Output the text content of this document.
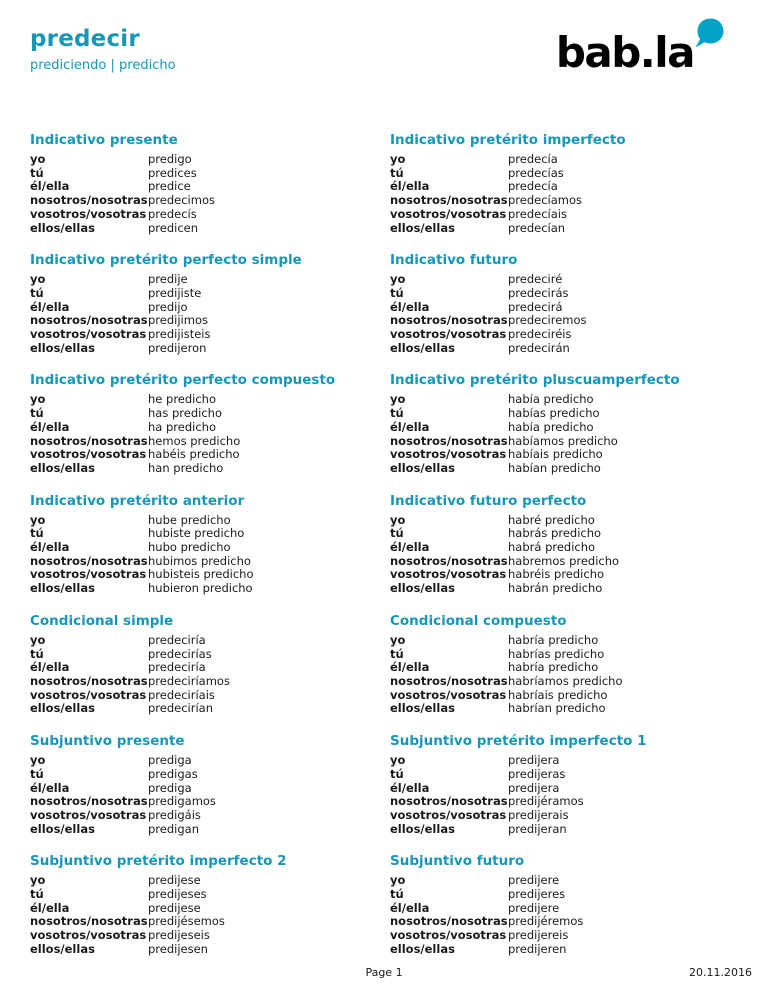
predecir
prediciendo | predicho	bab.la
Indicativo presente
yo	predigo
tú	predices
él/ella	predice
nosotros/nosotras predecimos
vosotros/vosotras predecís
ellos/ellas	predicen
Indicativo pretérito perfecto simple
yo	predije
tú	predijiste
él/ella	predijo
nosotros/nosotras predijimos
vosotros/vosotras predijisteis
ellos/ellas	predijeron
Indicativo pretérito perfecto compuesto
yo	he predicho
tú	has predicho
él/ella	ha predicho
nosotros/nosotras hemos predicho
vosotros/vosotras habéis predicho
ellos/ellas	han predicho
Indicativo pretérito anterior
yo	hube predicho
tú	hubiste predicho
él/ella	hubo predicho
nosotros/nosotras hubimos predicho
vosotros/vosotras hubisteis predicho
ellos/ellas	hubieron predicho
Condicional simple
yo	predeciría
tú	predecirías
él/ella	predeciría
nosotros/nosotras predeciríamos
vosotros/vosotras predeciríais
ellos/ellas	predecirían
Subjuntivo presente
yo	prediga
tú	predigas
él/ella	prediga
nosotros/nosotras predigamos
vosotros/vosotras predigáis
ellos/ellas	predigan
Subjuntivo pretérito imperfecto 2
yo	predijese
tú	predijeses
él/ella	predijese
nosotros/nosotras predijésemos
vosotros/vosotras predijeseis
ellos/ellas	predijesen
Indicativo pretérito imperfecto
yo	predecía
tú	predecías
él/ella	predecía
nosotros/nosotras predecíamos
vosotros/vosotras predecíais
ellos/ellas	predecían
Indicativo futuro
yo	predeciré
tú	predecirás
él/ella	predecirá
nosotros/nosotras predeciremos
vosotros/vosotras predeciréis
ellos/ellas	predecirán
Indicativo pretérito pluscuamperfecto
yo	había predicho
tú	habías predicho
él/ella	había predicho
nosotros/nosotras habíamos predicho
vosotros/vosotras habíais predicho
ellos/ellas	habían predicho
Indicativo futuro perfecto
yo	habré predicho
tú	habrás predicho
él/ella	habrá predicho
nosotros/nosotras habremos predicho
vosotros/vosotras habréis predicho
ellos/ellas	habrán predicho
Condicional compuesto
yo	habría predicho
tú	habrías predicho
él/ella	habría predicho
nosotros/nosotras habríamos predicho
vosotros/vosotras habríais predicho
ellos/ellas	habrían predicho
Subjuntivo pretérito imperfecto 1
yo	predijera
tú	predijeras
él/ella	predijera
nosotros/nosotras predijéramos
vosotros/vosotras predijerais
ellos/ellas	predijeran
Subjuntivo futuro
yo	predijere
tú	predijeres
él/ella	predijere
nosotros/nosotras predijéremos
vosotros/vosotras predijereis
ellos/ellas	predijeren
Page 1	20.11.2016
